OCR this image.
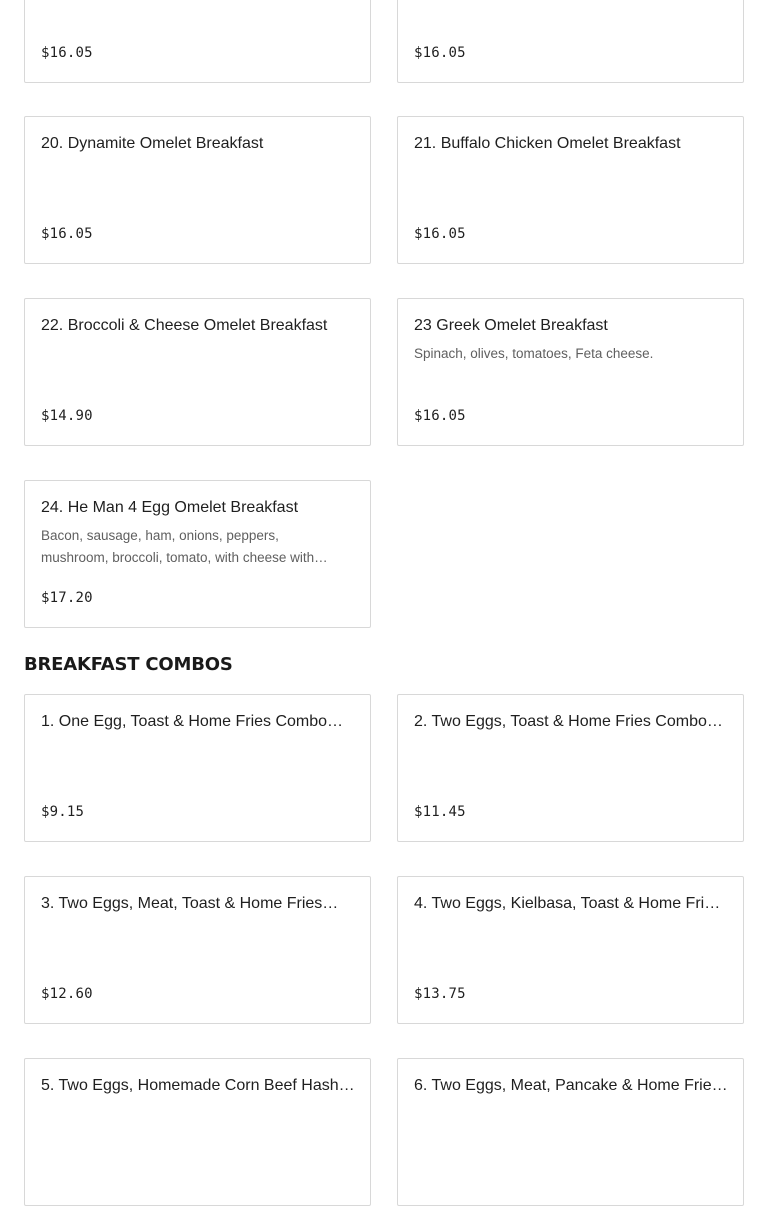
$16.05	$16.05
20. Dynamite Omelet Breakfast
$16.05
21. Buffalo Chicken Omelet Breakfast
$16.05
22. Broccoli & Cheese Omelet Breakfast
$14.90
23 Greek Omelet Breakfast
Spinach, olives, tomatoes, Feta cheese.
$16.05
24. He Man 4 Egg Omelet Breakfast
Bacon, sausage, ham, onions, peppers, mushroom, broccoli, tomato, with cheese with…
$17.20
BREAKFAST COMBOS
1. One Egg, Toast & Home Fries Combo…
$9.15
2. Two Eggs, Toast & Home Fries Combo…
$11.45
3. Two Eggs, Meat, Toast & Home Fries…
$12.60
4. Two Eggs, Kielbasa, Toast & Home Frie…
$13.75
5. Two Eggs, Homemade Corn Beef Hash…	6. Two Eggs, Meat, Pancake & Home Frie…
